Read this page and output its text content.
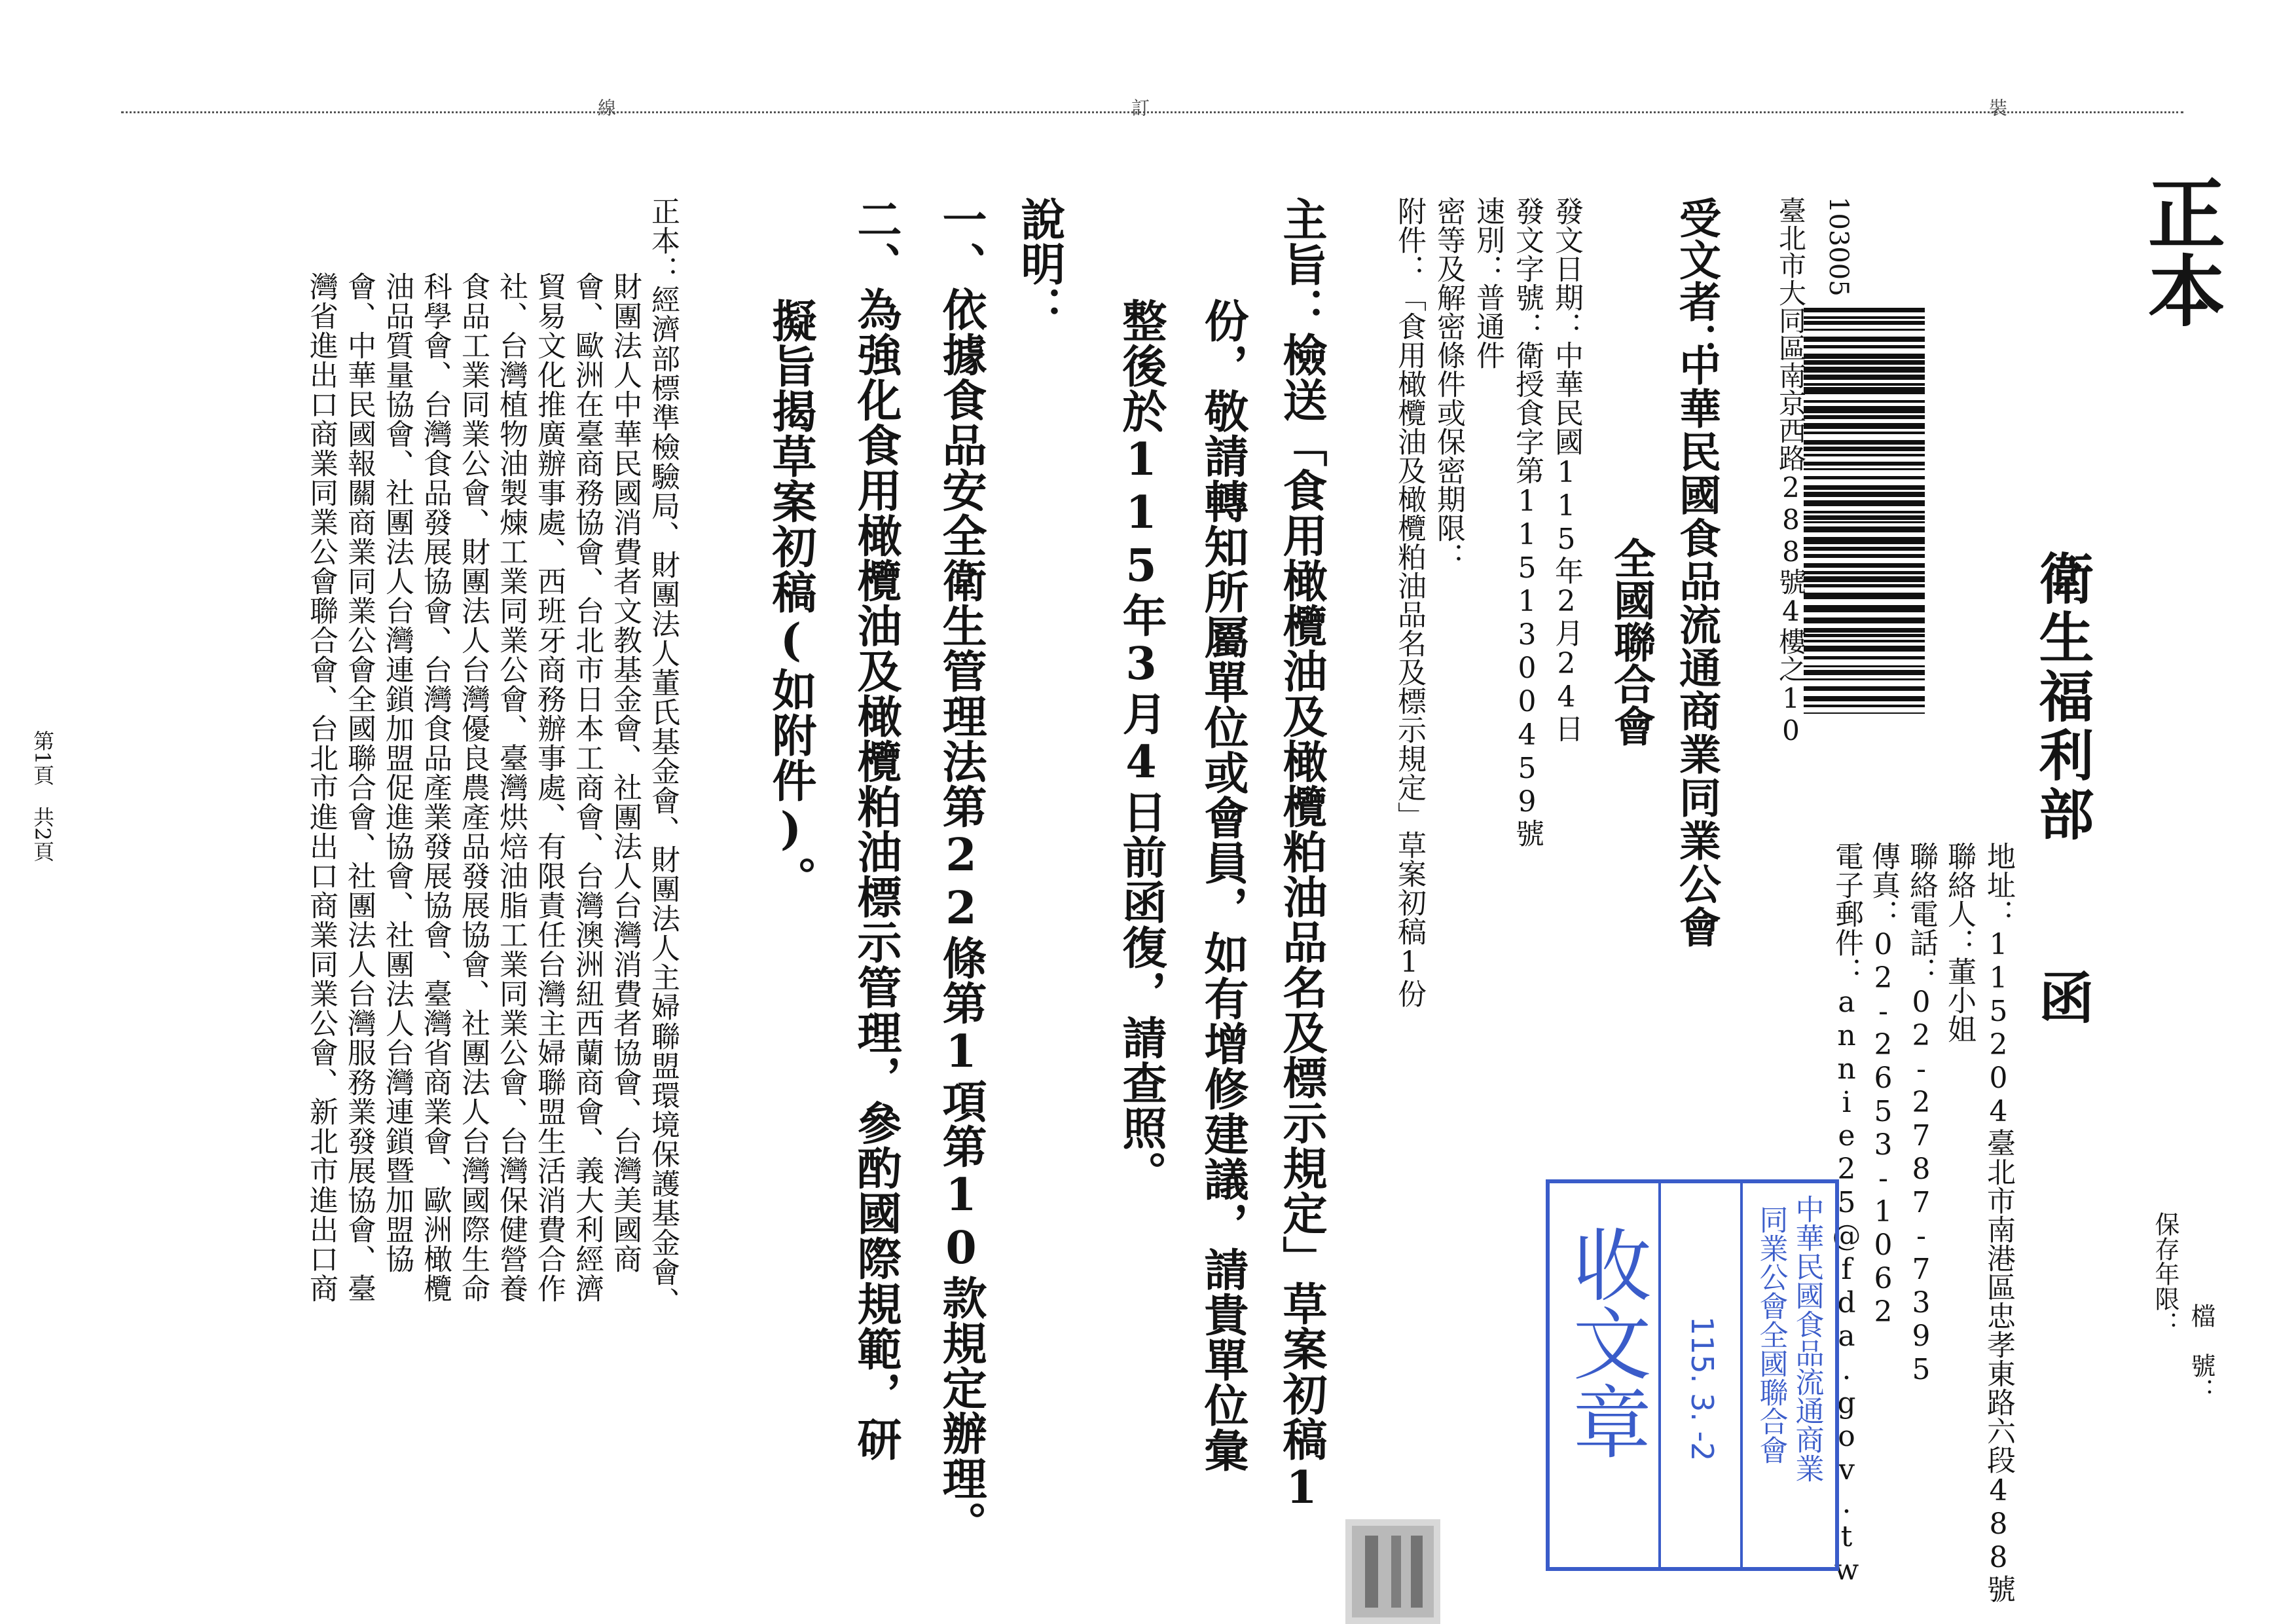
裝
訂
線
正本
衛生福利部
函
檔　號：
保存年限：
地址：115204臺北市南港區忠孝東路六段488號
聯絡人：董小姐
聯絡電話：02-2787-7395
傳真：02-2653-1062
電子郵件：annie25@fda.gov.tw
103005
臺北市大同區南京西路288號4樓之10
受文者：
中華民國食品流通商業同業公會
全國聯合會
發文日期：中華民國115年2月24日
發文字號：衛授食字第1151300459號
速別：普通件
密等及解密條件或保密期限：
附件：「食用橄欖油及橄欖粕油品名及標示規定」草案初稿1份
主旨：檢送「食用橄欖油及橄欖粕油品名及標示規定」草案初稿1
份，敬請轉知所屬單位或會員，如有增修建議，請貴單位彙
整後於115年3月4日前函復，請查照。
說明：
一、依據食品安全衛生管理法第22條第1項第10款規定辦理。
二、為強化食用橄欖油及橄欖粕油標示管理，參酌國際規範，研
擬旨揭草案初稿(如附件)。
正本：經濟部標準檢驗局、財團法人董氏基金會、財團法人主婦聯盟環境保護基金會、
財團法人中華民國消費者文教基金會、社團法人台灣消費者協會、台灣美國商
會、歐洲在臺商務協會、台北市日本工商會、台灣澳洲紐西蘭商會、義大利經濟
貿易文化推廣辦事處、西班牙商務辦事處、有限責任台灣主婦聯盟生活消費合作
社、台灣植物油製煉工業同業公會、臺灣烘焙油脂工業同業公會、台灣保健營養
食品工業同業公會、財團法人台灣優良農產品發展協會、社團法人台灣國際生命
科學會、台灣食品發展協會、台灣食品產業發展協會、臺灣省商業會、歐洲橄欖
油品質量協會、社團法人台灣連鎖加盟促進協會、社團法人台灣連鎖暨加盟協
會、中華民國報關商業同業公會全國聯合會、社團法人台灣服務業發展協會、臺
灣省進出口商業同業公會聯合會、台北市進出口商業同業公會、新北市進出口商
第1頁　共2頁
中華民國食品流通商業
同業公會全國聯合會
115. 3. -2
收文章
